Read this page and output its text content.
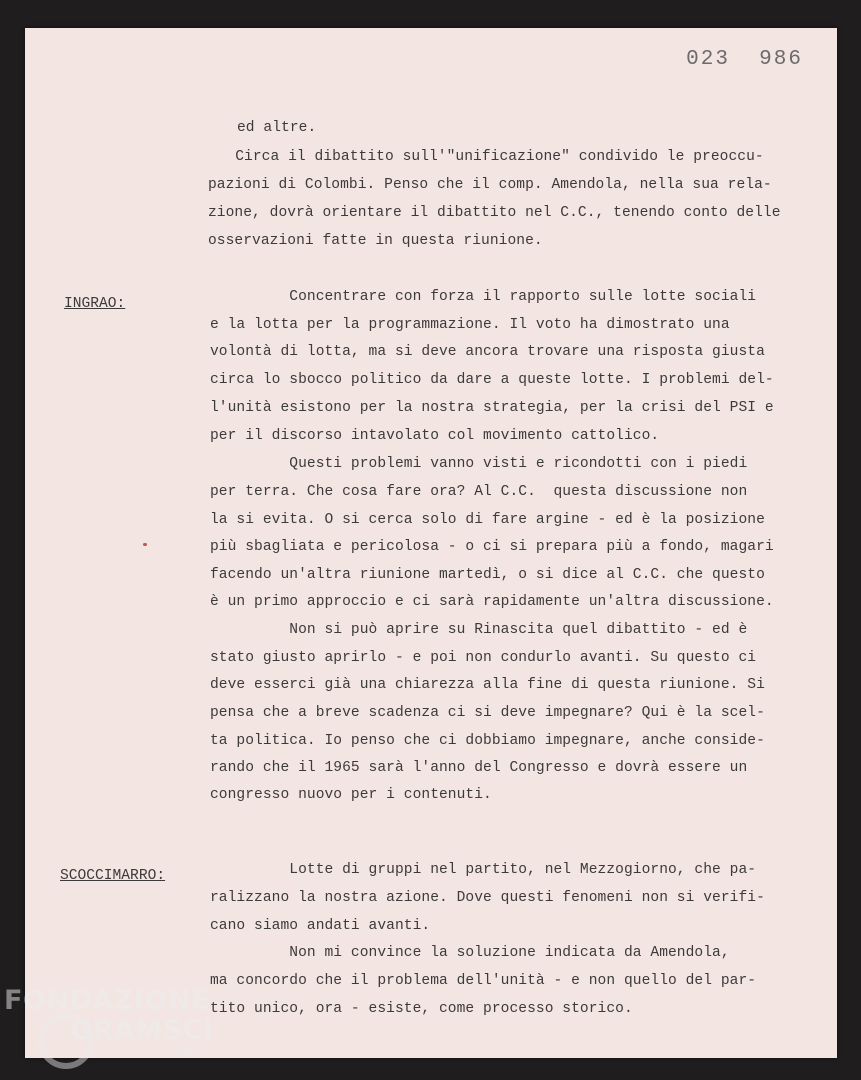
023  986
ed altre.
Circa il dibattito sull'"unificazione" condivido le preoccu-
pazioni di Colombi. Penso che il comp. Amendola, nella sua rela-
zione, dovrà orientare il dibattito nel C.C., tenendo conto delle
osservazioni fatte in questa riunione.
INGRAO:	Concentrare con forza il rapporto sulle lotte sociali
e la lotta per la programmazione. Il voto ha dimostrato una
volontà di lotta, ma si deve ancora trovare una risposta giusta
circa lo sbocco politico da dare a queste lotte. I problemi del-
l'unità esistono per la nostra strategia, per la crisi del PSI e
per il discorso intavolato col movimento cattolico.
Questi problemi vanno visti e ricondotti con i piedi
per terra. Che cosa fare ora? Al C.C.  questa discussione non
la si evita. O si cerca solo di fare argine - ed è la posizione
più sbagliata e pericolosa - o ci si prepara più a fondo, magari
facendo un'altra riunione martedì, o si dice al C.C. che questo
è un primo approccio e ci sarà rapidamente un'altra discussione.
Non si può aprire su Rinascita quel dibattito - ed è
stato giusto aprirlo - e poi non condurlo avanti. Su questo ci
deve esserci già una chiarezza alla fine di questa riunione. Si
pensa che a breve scadenza ci si deve impegnare? Qui è la scel-
ta politica. Io penso che ci dobbiamo impegnare, anche conside-
rando che il 1965 sarà l'anno del Congresso e dovrà essere un
congresso nuovo per i contenuti.
SCOCCIMARRO:	Lotte di gruppi nel partito, nel Mezzogiorno, che pa-
ralizzano la nostra azione. Dove questi fenomeni non si verifi-
cano siamo andati avanti.
Non mi convince la soluzione indicata da Amendola,
ma concordo che il problema dell'unità - e non quello del par-
tito unico, ora - esiste, come processo storico.
FONDAZIONE
GRAMSCI
onlus
